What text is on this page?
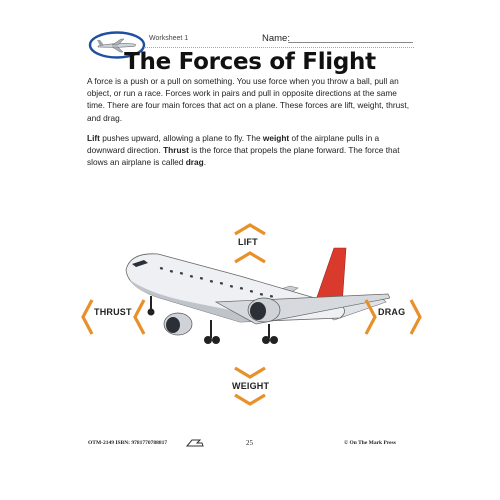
Worksheet 1	Name:
The Forces of Flight

A force is a push or a pull on something. You use force when you throw a ball, pull an object, or run a race. Forces work in pairs and pull in opposite directions at the same time. There are four main forces that act on a plane. These forces are lift, weight, thrust, and drag.

Lift pushes upward, allowing a plane to fly. The weight of the airplane pulls in a downward direction. Thrust is the force that propels the plane forward. The force that slows an airplane is called drag.

LIFT
WEIGHT
THRUST	DRAG
OTM-2149 ISBN: 9781770788817	25	© On The Mark Press
